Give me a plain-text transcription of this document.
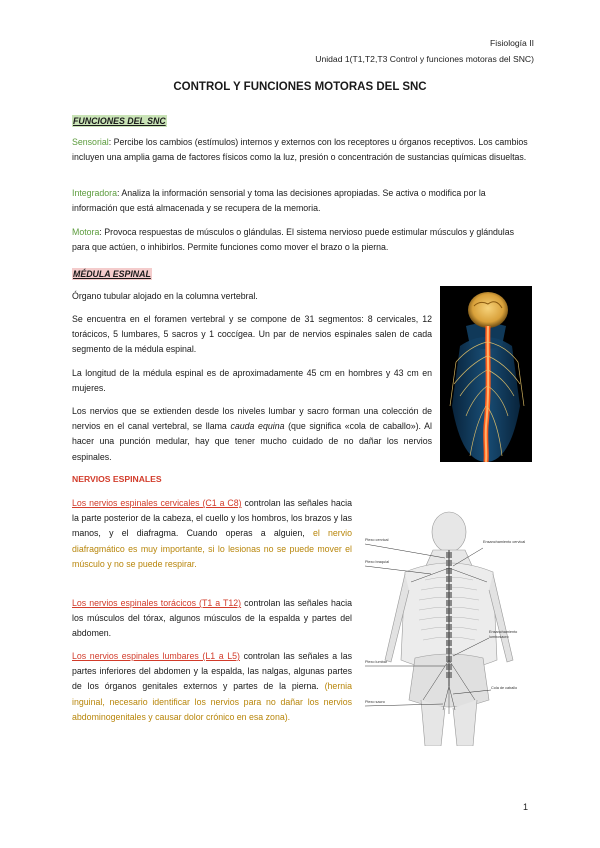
Fisiología II
Unidad 1(T1,T2,T3 Control y funciones motoras del SNC)
CONTROL Y FUNCIONES MOTORAS DEL SNC
FUNCIONES DEL SNC
Sensorial: Percibe los cambios (estímulos) internos y externos con los receptores u órganos receptivos. Los cambios incluyen una amplia gama de factores físicos como la luz, presión o concentración de sustancias químicas disueltas.
Integradora: Analiza la información sensorial y toma las decisiones apropiadas. Se activa o modifica por la información que está almacenada y se recupera de la memoria.
Motora: Provoca respuestas de músculos o glándulas. El sistema nervioso puede estimular músculos y glándulas para que actúen, o inhibirlos. Permite funciones como mover el brazo o la pierna.
MÉDULA ESPINAL
Órgano tubular alojado en la columna vertebral.
Se encuentra en el foramen vertebral y se compone de 31 segmentos: 8 cervicales, 12 torácicos, 5 lumbares, 5 sacros y 1 coccígea. Un par de nervios espinales salen de cada segmento de la médula espinal.
La longitud de la médula espinal es de aproximadamente 45 cm en hombres y 43 cm en mujeres.
Los nervios que se extienden desde los niveles lumbar y sacro forman una colección de nervios en el canal vertebral, se llama cauda equina (que significa «cola de caballo»). Al hacer una punción medular, hay que tener mucho cuidado de no dañar los nervios espinales.
NERVIOS ESPINALES
Los nervios espinales cervicales (C1 a C8) controlan las señales hacia la parte posterior de la cabeza, el cuello y los hombros, los brazos y las manos, y el diafragma. Cuando operas a alguien, el nervio diafragmático es muy importante, si lo lesionas no se puede mover el músculo y no se puede respirar.
Los nervios espinales torácicos (T1 a T12) controlan las señales hacia los músculos del tórax, algunos músculos de la espalda y partes del abdomen.
Los nervios espinales lumbares (L1 a L5) controlan las señales a las partes inferiores del abdomen y la espalda, las nalgas, algunas partes de los órganos genitales externos y partes de la pierna. (hernia inguinal, necesario identificar los nervios para no dañar los nervios abdominogenitales y causar dolor crónico en esa zona).
Plexo cervical
Plexo braquial
Ensanchamiento cervical
Ensanchamiento lumbosacro
Plexo lumbar
Cola de caballo
Plexo sacro
1
